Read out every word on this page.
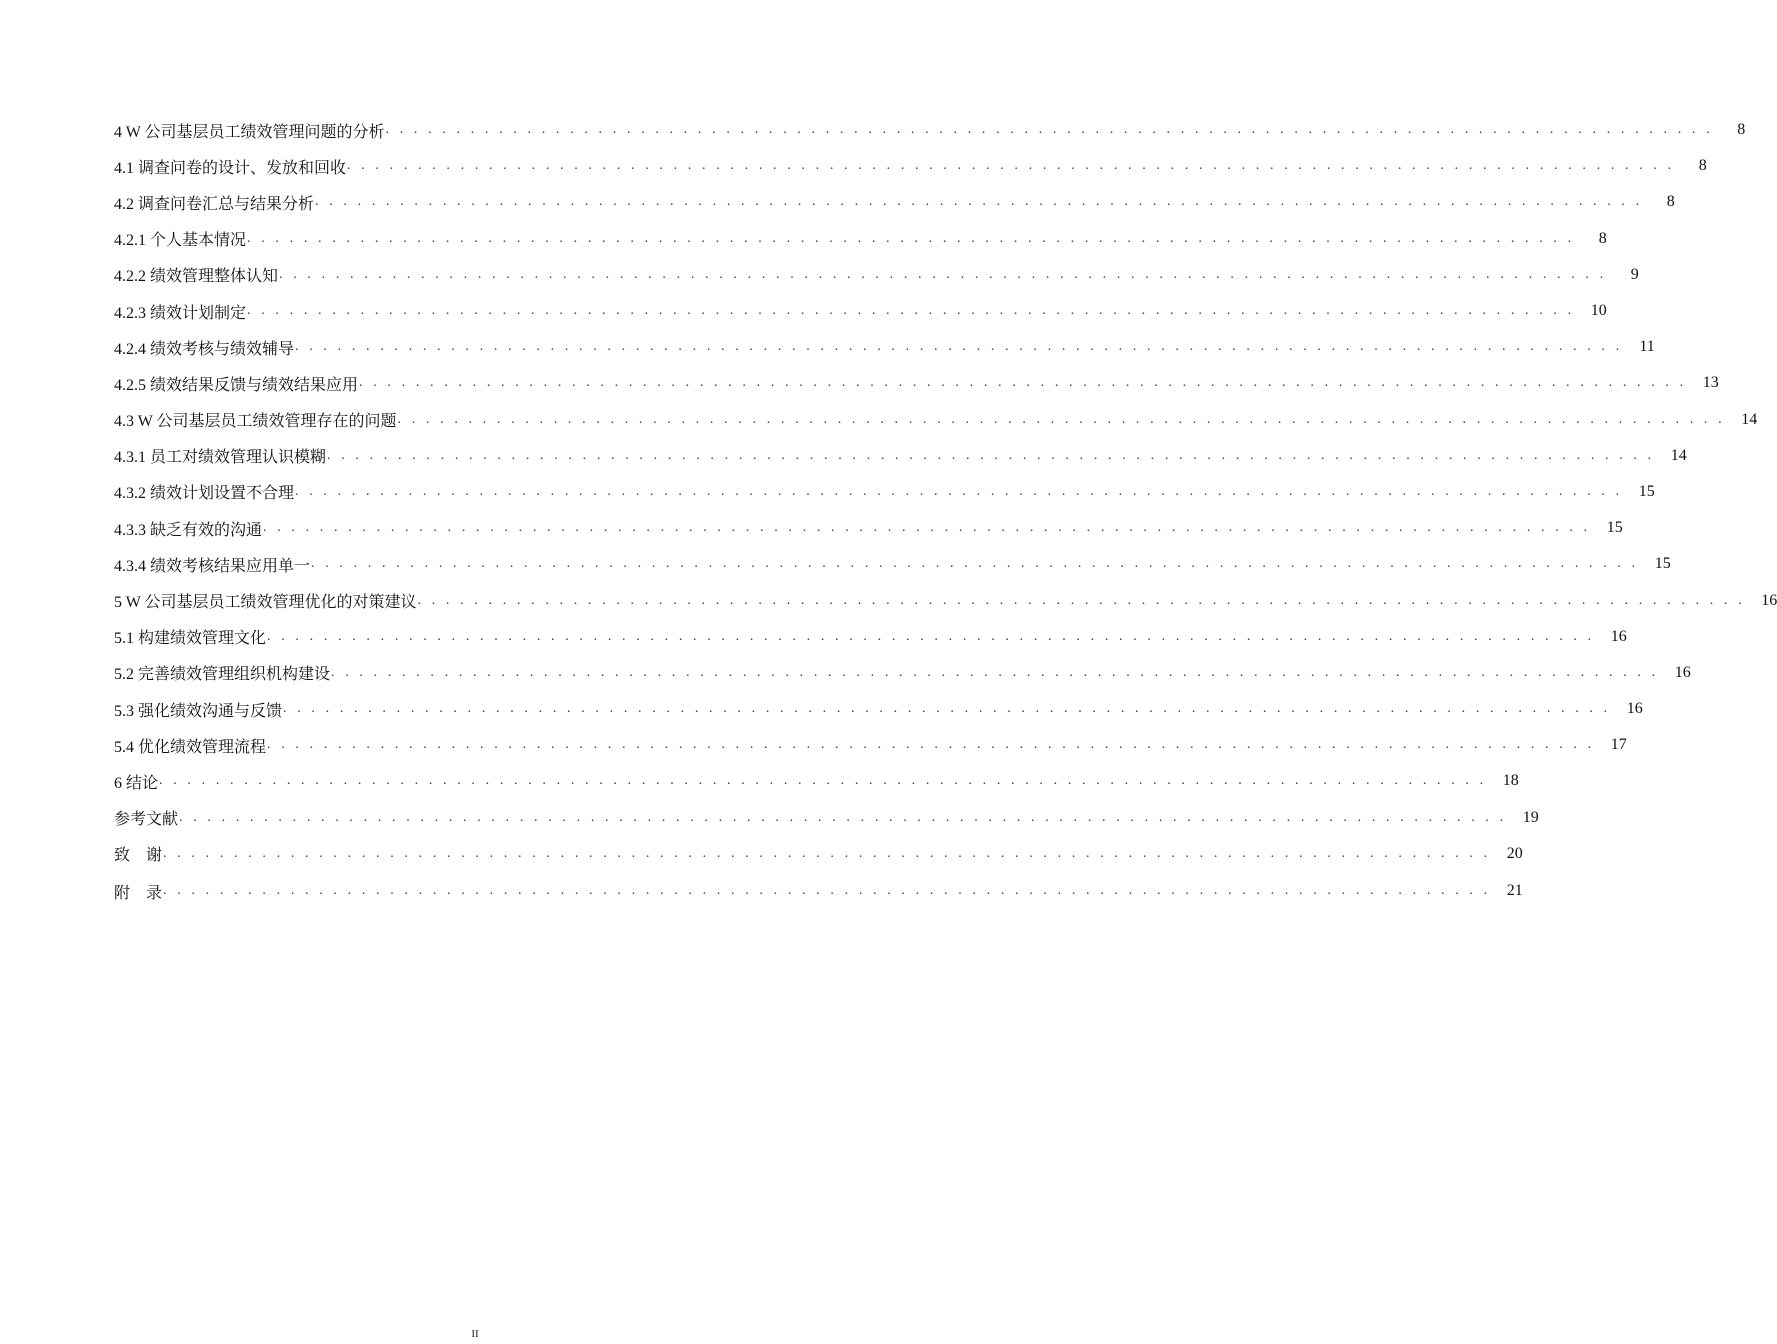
4 W 公司基层员工绩效管理问题的分析 . . . . . . . . . . . . . . . . . . . . . . . . . . . . . . . . . . . . . . . . . . . . . . . . . . . . . . . . . . . . . . . . . . . . . . . . . . . . . . . . . . . . . . . . . . . . . .	8
4.1 调查问卷的设计、发放和回收 . . . . . . . . . . . . . . . . . . . . . . . . . . . . . . . . . . . . . . . . . . . . . . . . . . . . . . . . . . . . . . . . . . . . . . . . . . . . . . . . . . . . . . . . . . . . . .	8
4.2 调查问卷汇总与结果分析 . . . . . . . . . . . . . . . . . . . . . . . . . . . . . . . . . . . . . . . . . . . . . . . . . . . . . . . . . . . . . . . . . . . . . . . . . . . . . . . . . . . . . . . . . . . . . .	8
4.2.1 个人基本情况 . . . . . . . . . . . . . . . . . . . . . . . . . . . . . . . . . . . . . . . . . . . . . . . . . . . . . . . . . . . . . . . . . . . . . . . . . . . . . . . . . . . . . . . . . . . . . .	8
4.2.2 绩效管理整体认知 . . . . . . . . . . . . . . . . . . . . . . . . . . . . . . . . . . . . . . . . . . . . . . . . . . . . . . . . . . . . . . . . . . . . . . . . . . . . . . . . . . . . . . . . . . . . . .	9
4.2.3 绩效计划制定 . . . . . . . . . . . . . . . . . . . . . . . . . . . . . . . . . . . . . . . . . . . . . . . . . . . . . . . . . . . . . . . . . . . . . . . . . . . . . . . . . . . . . . . . . . . . . . 10
4.2.4 绩效考核与绩效辅导 . . . . . . . . . . . . . . . . . . . . . . . . . . . . . . . . . . . . . . . . . . . . . . . . . . . . . . . . . . . . . . . . . . . . . . . . . . . . . . . . . . . . . . . . . . . . . . 11
4.2.5 绩效结果反馈与绩效结果应用 . . . . . . . . . . . . . . . . . . . . . . . . . . . . . . . . . . . . . . . . . . . . . . . . . . . . . . . . . . . . . . . . . . . . . . . . . . . . . . . . . . . . . . . . . . . . . . 13
4.3 W 公司基层员工绩效管理存在的问题 . . . . . . . . . . . . . . . . . . . . . . . . . . . . . . . . . . . . . . . . . . . . . . . . . . . . . . . . . . . . . . . . . . . . . . . . . . . . . . . . . . . . . . . . . . . . . . 14
4.3.1 员工对绩效管理认识模糊 . . . . . . . . . . . . . . . . . . . . . . . . . . . . . . . . . . . . . . . . . . . . . . . . . . . . . . . . . . . . . . . . . . . . . . . . . . . . . . . . . . . . . . . . . . . . . . 14
4.3.2 绩效计划设置不合理 . . . . . . . . . . . . . . . . . . . . . . . . . . . . . . . . . . . . . . . . . . . . . . . . . . . . . . . . . . . . . . . . . . . . . . . . . . . . . . . . . . . . . . . . . . . . . . 15
4.3.3 缺乏有效的沟通 . . . . . . . . . . . . . . . . . . . . . . . . . . . . . . . . . . . . . . . . . . . . . . . . . . . . . . . . . . . . . . . . . . . . . . . . . . . . . . . . . . . . . . . . . . . . . . 15
4.3.4 绩效考核结果应用单一 . . . . . . . . . . . . . . . . . . . . . . . . . . . . . . . . . . . . . . . . . . . . . . . . . . . . . . . . . . . . . . . . . . . . . . . . . . . . . . . . . . . . . . . . . . . . . . 15
5 W 公司基层员工绩效管理优化的对策建议 . . . . . . . . . . . . . . . . . . . . . . . . . . . . . . . . . . . . . . . . . . . . . . . . . . . . . . . . . . . . . . . . . . . . . . . . . . . . . . . . . . . . . . . . . . . . . . 16
5.1 构建绩效管理文化 . . . . . . . . . . . . . . . . . . . . . . . . . . . . . . . . . . . . . . . . . . . . . . . . . . . . . . . . . . . . . . . . . . . . . . . . . . . . . . . . . . . . . . . . . . . . . . 16
5.2 完善绩效管理组织机构建设 . . . . . . . . . . . . . . . . . . . . . . . . . . . . . . . . . . . . . . . . . . . . . . . . . . . . . . . . . . . . . . . . . . . . . . . . . . . . . . . . . . . . . . . . . . . . . . 16
5.3 强化绩效沟通与反馈 . . . . . . . . . . . . . . . . . . . . . . . . . . . . . . . . . . . . . . . . . . . . . . . . . . . . . . . . . . . . . . . . . . . . . . . . . . . . . . . . . . . . . . . . . . . . . . 16
5.4 优化绩效管理流程 . . . . . . . . . . . . . . . . . . . . . . . . . . . . . . . . . . . . . . . . . . . . . . . . . . . . . . . . . . . . . . . . . . . . . . . . . . . . . . . . . . . . . . . . . . . . . . 17
6 结论 . . . . . . . . . . . . . . . . . . . . . . . . . . . . . . . . . . . . . . . . . . . . . . . . . . . . . . . . . . . . . . . . . . . . . . . . . . . . . . . . . . . . . . . . . . . . . . 18
参考文献 . . . . . . . . . . . . . . . . . . . . . . . . . . . . . . . . . . . . . . . . . . . . . . . . . . . . . . . . . . . . . . . . . . . . . . . . . . . . . . . . . . . . . . . . . . . . . . 19
致　谢 . . . . . . . . . . . . . . . . . . . . . . . . . . . . . . . . . . . . . . . . . . . . . . . . . . . . . . . . . . . . . . . . . . . . . . . . . . . . . . . . . . . . . . . . . . . . . . 20
附　录 . . . . . . . . . . . . . . . . . . . . . . . . . . . . . . . . . . . . . . . . . . . . . . . . . . . . . . . . . . . . . . . . . . . . . . . . . . . . . . . . . . . . . . . . . . . . . . 21
II
